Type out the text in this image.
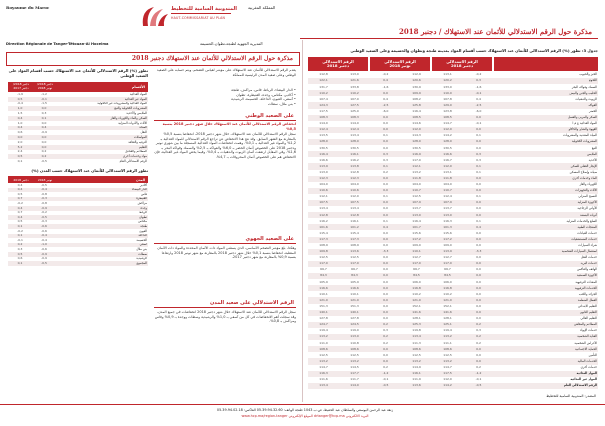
Royaume du Maroc	المملكة المغربية
المندوبية السامية للتخطيط
HAUT-COMMISSARIAT AU PLAN
Direction Régionale de Tanger-Tétouan-Al Hoceima	المديرية الجهوية لطنجة-تطوان-الحسيمة
مذكرة حول الرقم الاستدلالي للأثمان عند الاستهلاك / دجنبر 2018
مذكرة حول الرقم الاستدلالي للأثمان عند الاستهلاك دجنبر 2018
تطور (%) الرقم الاستدلالي للأثمان عند الاستهلاك حسب أقسام المواد على الصعيد الوطني
دجنبر 2018/ دجنبر 2017
دجنبر 2018/ نونبر 2018	الأقسام
-1,9	-1,2	المواد الغذائية
0,5	-0,1	المواد غير الغذائية
-0,4	-1,5	المواد الغذائية والمشروبات غير الكحولية
1,0	0,0	المشروبات الكحولية والتبغ
1,5	0,3	الملابس والأحذية
0,4	0,1	السكن والماء والكهرباء والغاز
1,0	0,0	الأثاث والأدوات المنزلية
0,4	0,4	الصحة
0,6	-0,9	النقل
0,0	0,0	المواصلات
2,0	0,0	الترفيه والثقافة
5,2	0,0	التعليم
2,4	0,2	المطاعم والفنادق
0,5	0,2	مواد وخدمات أخرى
0,1	-0,5	الرقم الاستدلالي العام
تطور الرقم الاستدلالي للأثمان عند الاستهلاك حسب المدن (%)
دجنبر 2018	نونبر 2018	المدن
0,4	-0,5	أكادير
0,4	-0,4	الدار البيضاء
0,5	-0,8	فاس
0,7	-0,3	القنيطرة
-0,2	-0,8	مراكش
0,4	-0,9	وجدة
0,7	-0,2	الرباط
0,4	-0,5	تطوان
0,5	-0,3	مكناس
0,1	-0,6	طنجة
-0,2	-0,6	العيون
0,1	-0,4	الداخلة
-0,1	-0,4	الحسيمة
0,2	-1,0	آسفي
0,3	-0,6	بني ملال
0,5	-0,9	سطات
0,6	-0,9	الرشيدية
0,1	-0,5	المجموع
يقدم الرقم الاستدلالي للأثمان عند الاستهلاك على مؤشر لقياس التضخم، ويتم حسابه على الصعيد الوطني وعلى صعيد المدن الرئيسية للمملكة
• الدار البيضاء، الرباط، فاس، مراكش، طنجة
• أكادير، مكناس، وجدة، القنيطرة، تطوان
• آسفي، العيون، الداخلة، الحسيمة، الرشيدية
• بني ملال، سطات
على الصعيد الوطني
انخفاض الرقم الاستدلالي للأثمان عند الاستهلاك خلال شهر دجنبر 2018 بنسبة 0,5%
سجل الرقم الاستدلالي للأثمان عند الاستهلاك، خلال شهر دجنبر 2018، انخفاضا بنسبة 0,5% بالمقارنة مع الشهر السابق. وقد نتج هذا الانخفاض عن تراجع الرقم الاستدلالي للمواد الغذائية بـ 1,2% والمواد غير الغذائية بـ 0,1%. وهمت انخفاضات المواد الغذائية المسجلة ما بين شهري نونبر ودجنبر 2018 على الخصوص أثمان الخضر بـ 6,0% والفواكه بـ 2,5% والسمك وفواكه البحر بـ 1,6%. وفي المقابل ارتفعت أثمان الزيوت والدهنيات بـ 0,4%. وفيما يخص المواد غير الغذائية، فإن الانخفاض هم على الخصوص أثمان المحروقات بـ 4,7%.
على الصعيد الجهوي
وهكذا، بلغ مؤشر التضخم الأساسي، الذي يستثني المواد ذات الأثمان المحددة والمواد ذات الأثمان المتقلبة، انخفاضا بنسبة 0,1% خلال شهر دجنبر 2018 بالمقارنة مع شهر نونبر 2018 وارتفاعا بنسبة 0,9% بالمقارنة مع شهر دجنبر 2017.
الرقم الاستدلالي على صعيد المدن
سجل الرقم الاستدلالي للأثمان عند الاستهلاك خلال شهر دجنبر 2018 انخفاضات في جميع المدن، وقد سجلت أهم الانخفاضات في كل من آسفي بـ 1,0% والرشيدية وسطات ووجدة بـ 0,9% وفاس ومراكش بـ 0,8%.
جدول 3: تطور (%) الرقم الاستدلالي للأثمان عند الاستهلاك حسب أقسام المواد بمدينة طنجة وتطوان والحسيمة وعلى الصعيد الوطني
الرقم الاستدلالي
دجنبر 2018
الرقم الاستدلالي
نونبر 2018
الرقم الاستدلالي
دجنبر 2018
112,8	113,0	-0,2	112,9	113,1	-0,2	الخبز والحبوب
122,1	121,6	0,4	120,6	120,2	0,3	اللحوم
131,7	133,8	-1,6	130,9	133,0	-1,6	السمك وفواكه البحر
110,2	110,2	0,0	109,9	110,0	-0,1	الحليب والجبن والبيض
107,4	107,0	0,4	108,2	107,8	0,4	الزيوت والدهنيات
124,3	127,5	-2,5	125,8	129,0	-2,5	الفواكه
117,5	125,0	-6,0	116,4	123,8	-6,0	الخضر
108,3	108,3	0,0	108,5	108,5	0,0	السكر والمربى والعسل
114,0	114,0	0,0	114,6	114,7	-0,1	المواد الغذائية غ م ا
112,4	112,4	0,0	112,0	112,0	0,0	القهوة والشاي والكاكاو
113,5	113,4	0,1	114,3	114,2	0,1	المياه المعدنية والمشروبات
128,0	128,0	0,0	128,0	128,0	0,0	المشروبات الكحولية
130,5	130,5	0,0	130,5	130,5	0,0	التبغ
116,4	116,1	0,3	116,9	116,6	0,3	الملابس
116,6	116,2	0,3	117,0	116,7	0,3	الأحذية
113,9	113,8	0,1	112,1	112,0	0,1	الإيجار الفعلي للسكن
113,0	112,8	0,2	113,2	113,1	0,1	صيانة وإصلاح المسكن
112,3	112,3	0,0	111,8	111,8	0,0	الماء وخدمات أخرى
104,0	104,0	0,0	104,0	104,0	0,0	الكهرباء والغاز
110,6	110,6	0,0	110,7	110,7	0,0	الأثاث والتجهيزات
112,1	112,0	0,1	112,5	112,4	0,1	النسيج المنزلي
107,5	107,5	0,0	107,9	107,9	0,0	الأجهزة المنزلية
113,4	113,4	0,0	113,7	113,7	0,0	الأواني الزجاجية
112,8	112,8	0,0	113,0	113,0	0,0	أدوات البستنة
116,2	116,1	0,1	116,4	116,3	0,1	السلع والخدمات المنزلية
101,6	101,2	0,4	101,7	101,3	0,4	المنتجات الطبية
115,4	115,4	0,0	115,6	115,6	0,0	خدمات العيادات
117,3	117,3	0,0	117,2	117,2	0,0	خدمات المستشفيات
108,9	108,9	0,0	109,0	109,0	0,0	شراء السيارات
109,8	113,6	-3,3	110,1	113,9	-3,3	استعمال السيارات الشخصية
112,5	112,5	0,0	112,7	112,7	0,0	خدمات النقل
117,0	117,0	0,0	117,0	117,0	0,0	خدمات البريد
66,7	66,7	0,0	66,7	66,7	0,0	الهاتف والفاكس
84,3	84,3	0,0	84,5	84,5	0,0	الأجهزة السمعية
105,9	105,9	0,0	106,0	106,0	0,0	المعدات الترفيهية
116,6	116,6	0,0	116,8	116,8	0,0	الخدمات الترفيهية
110,1	110,1	0,0	110,2	110,2	0,0	الجرائد والكتب
121,0	121,0	0,0	121,0	121,0	0,0	العطل المنظمة
151,3	151,3	0,0	152,1	152,1	0,0	التعليم الابتدائي
140,1	140,1	0,0	141,6	141,6	0,0	التعليم الثانوي
127,8	127,8	0,0	128,1	128,1	0,0	التعليم العالي
124,7	124,5	0,2	125,3	125,1	0,2	المطاعم والمقاهي
119,4	119,0	0,3	119,8	119,4	0,3	خدمات الإيواء
113,2	113,0	0,2	113,4	113,2	0,2	العناية الشخصية
111,0	110,8	0,2	111,3	111,1	0,2	الأغراض الشخصية
108,6	108,6	0,0	108,6	108,6	0,0	الحماية الاجتماعية
112,5	112,5	0,0	112,5	112,5	0,0	التأمين
113,2	113,2	0,0	113,2	113,2	0,0	الخدمات المالية
114,7	114,5	0,2	114,9	114,7	0,2	خدمات أخرى
116,3	117,7	-1,2	116,1	117,5	-1,2	المواد الغذائية
111,6	111,7	-0,1	111,9	112,0	-0,1	المواد غير الغذائية
113,4	114,0	-0,5	113,6	114,2	-0,5	الرقم الاستدلالي العام
المصدر: المندوبية السامية للتخطيط
زنقة عبد الرحمن اليوسفي والسلطان عبد الحفيظ، ص.ب 1043 طنجة الهاتف: 05.39.94.32.60 الفاكس: 05.39.94.02.18
www.hcp.ma/region-tanger الموقع الإلكتروني drtanger@hcp.ma البريد الالكتروني
